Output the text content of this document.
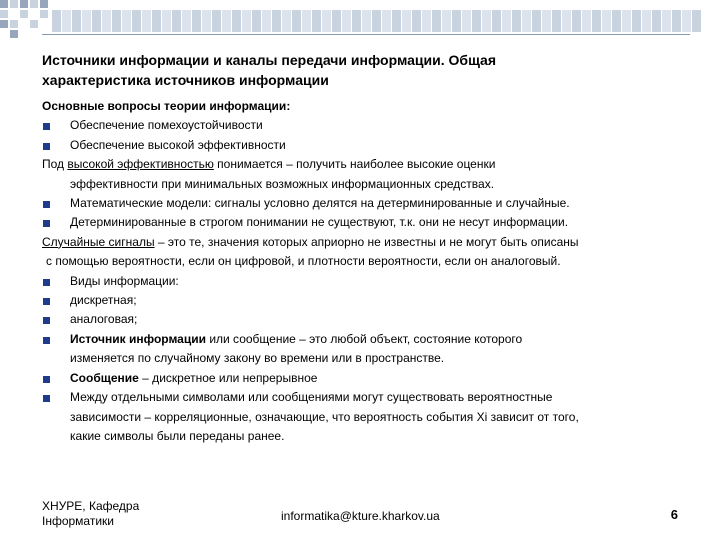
Источники информации и каналы передачи информации. Общая
характеристика источников информации
Основные вопросы теории информации:
Обеспечение помехоустойчивости
Обеспечение высокой эффективности
Под высокой эффективностью понимается – получить наиболее высокие оценки
эффективности при минимальных возможных информационных средствах.
Математические модели: сигналы условно делятся на детерминированные и случайные.
Детерминированные в строгом понимании не существуют, т.к. они не несут информации.
Случайные сигналы – это те, значения которых априорно не известны и не могут быть описаны
с помощью вероятности, если он цифровой, и плотности вероятности, если он аналоговый.
Виды информации:
дискретная;
аналоговая;
Источник информации или сообщение – это любой объект, состояние которого
изменяется по случайному закону во времени или в пространстве.
Сообщение – дискретное или непрерывное
Между отдельными символами или сообщениями могут существовать вероятностные
зависимости – корреляционные, означающие, что вероятность события Xi зависит от того,
какие символы были переданы ранее.
ХНУРЕ, Кафедра
Інформатики	informatika@kture.kharkov.ua	6
